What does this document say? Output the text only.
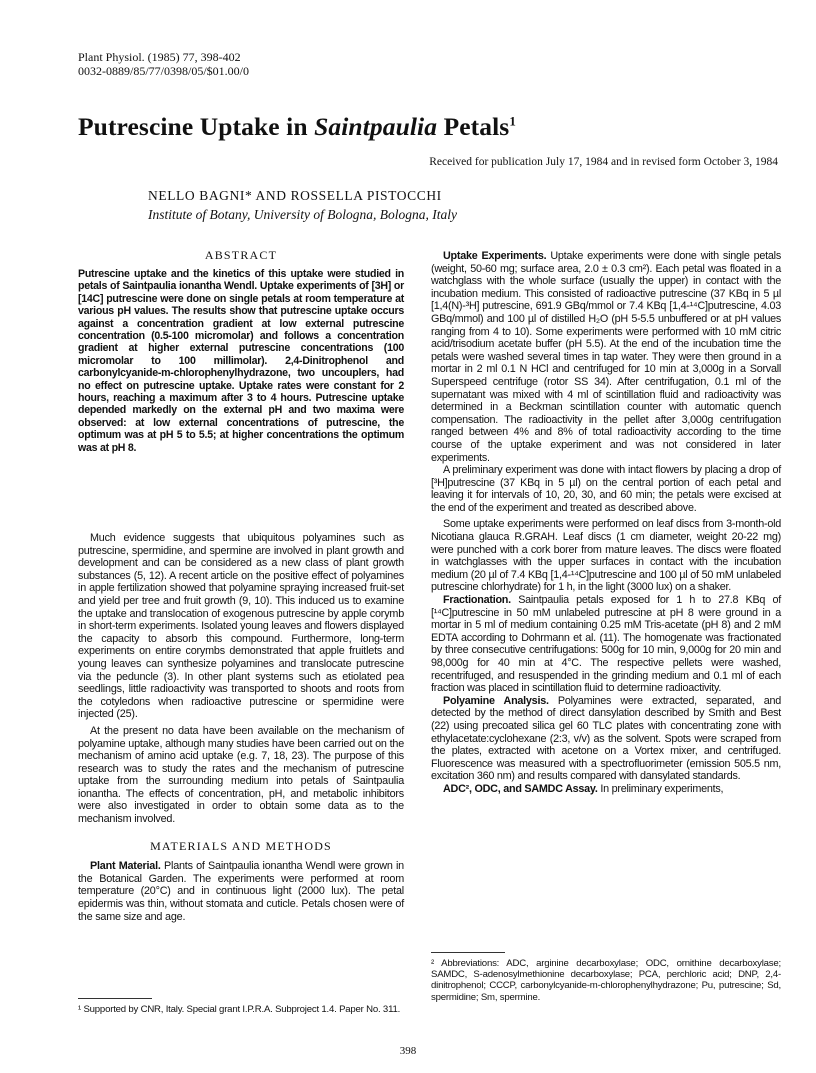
Plant Physiol. (1985) 77, 398-402
0032-0889/85/77/0398/05/$01.00/0
Putrescine Uptake in Saintpaulia Petals$^1$
Received for publication July 17, 1984 and in revised form October 3, 1984
NELLO BAGNI* AND ROSSELLA PISTOCCHI
Institute of Botany, University of Bologna, Bologna, Italy
ABSTRACT
Putrescine uptake and the kinetics of this uptake were studied in petals of Saintpaulia ionantha Wendl. Uptake experiments of [3H] or [14C] putrescine were done on single petals at room temperature at various pH values. The results show that putrescine uptake occurs against a concentration gradient at low external putrescine concentration (0.5-100 micromolar) and follows a concentration gradient at higher external putrescine concentrations (100 micromolar to 100 millimolar). 2,4-Dinitrophenol and carbonylcyanide-m-chlorophenylhydrazone, two uncouplers, had no effect on putrescine uptake. Uptake rates were constant for 2 hours, reaching a maximum after 3 to 4 hours. Putrescine uptake depended markedly on the external pH and two maxima were observed: at low external concentrations of putrescine, the optimum was at pH 5 to 5.5; at higher concentrations the optimum was at pH 8.

Much evidence suggests that ubiquitous polyamines such as putrescine, spermidine, and spermine are involved in plant growth and development and can be considered as a new class of plant growth substances (5, 12). A recent article on the positive effect of polyamines in apple fertilization showed that polyamine spraying increased fruit-set and yield per tree and fruit growth (9, 10). This induced us to examine the uptake and translocation of exogenous putrescine by apple corymb in short-term experiments. Isolated young leaves and flowers displayed the capacity to absorb this compound. Furthermore, long-term experiments on entire corymbs demonstrated that apple fruitlets and young leaves can synthesize polyamines and translocate putrescine via the peduncle (3). In other plant systems such as etiolated pea seedlings, little radioactivity was transported to shoots and roots from the cotyledons when radioactive putrescine or spermidine were injected (25).

At the present no data have been available on the mechanism of polyamine uptake, although many studies have been carried out on the mechanism of amino acid uptake (e.g. 7, 18, 23). The purpose of this research was to study the rates and the mechanism of putrescine uptake from the surrounding medium into petals of Saintpaulia ionantha. The effects of concentration, pH, and metabolic inhibitors were also investigated in order to obtain some data as to the mechanism involved.

MATERIALS AND METHODS

Plant Material. Plants of Saintpaulia ionantha Wendl were grown in the Botanical Garden. The experiments were performed at room temperature (20°C) and in continuous light (2000 lux). The petal epidermis was thin, without stomata and cuticle. Petals chosen were of the same size and age.

Uptake Experiments. Uptake experiments were done with single petals (weight, 50-60 mg; surface area, 2.0 ± 0.3 cm²). Each petal was floated in a watchglass with the whole surface (usually the upper) in contact with the incubation medium. This consisted of radioactive putrescine (37 KBq in 5 µl [1,4(N)-³H] putrescine, 691.9 GBq/mmol or 7.4 KBq [1,4-¹⁴C]putrescine, 4.03 GBq/mmol) and 100 µl of distilled H₂O (pH 5-5.5 unbuffered or at pH values ranging from 4 to 10). Some experiments were performed with 10 mM citric acid/trisodium acetate buffer (pH 5.5). At the end of the incubation time the petals were washed several times in tap water. They were then ground in a mortar in 2 ml 0.1 N HCl and centrifuged for 10 min at 3,000g in a Sorvall Superspeed centrifuge (rotor SS 34). After centrifugation, 0.1 ml of the supernatant was mixed with 4 ml of scintillation fluid and radioactivity was determined in a Beckman scintillation counter with automatic quench compensation. The radioactivity in the pellet after 3,000g centrifugation ranged between 4% and 8% of total radioactivity according to the time course of the uptake experiment and was not considered in later experiments.

A preliminary experiment was done with intact flowers by placing a drop of [³H]putrescine (37 KBq in 5 µl) on the central portion of each petal and leaving it for intervals of 10, 20, 30, and 60 min; the petals were excised at the end of the experiment and treated as described above.

Some uptake experiments were performed on leaf discs from 3-month-old Nicotiana glauca R.GRAH. Leaf discs (1 cm diameter, weight 20-22 mg) were punched with a cork borer from mature leaves. The discs were floated in watchglasses with the upper surfaces in contact with the incubation medium (20 µl of 7.4 KBq [1,4-¹⁴C]putrescine and 100 µl of 50 mM unlabeled putrescine chlorhydrate) for 1 h, in the light (3000 lux) on a shaker.

Fractionation. Saintpaulia petals exposed for 1 h to 27.8 KBq of [¹⁴C]putrescine in 50 mM unlabeled putrescine at pH 8 were ground in a mortar in 5 ml of medium containing 0.25 mM Tris-acetate (pH 8) and 2 mM EDTA according to Dohrmann et al. (11). The homogenate was fractionated by three consecutive centrifugations: 500g for 10 min, 9,000g for 20 min and 98,000g for 40 min at 4°C. The respective pellets were washed, recentrifuged, and resuspended in the grinding medium and 0.1 ml of each fraction was placed in scintillation fluid to determine radioactivity.

Polyamine Analysis. Polyamines were extracted, separated, and detected by the method of direct dansylation described by Smith and Best (22) using precoated silica gel 60 TLC plates with concentrating zone with ethylacetate:cyclohexane (2:3, v/v) as the solvent. Spots were scraped from the plates, extracted with acetone on a Vortex mixer, and centrifuged. Fluorescence was measured with a spectrofluorimeter (emission 505.5 nm, excitation 360 nm) and results compared with dansylated standards.

ADC², ODC, and SAMDC Assay. In preliminary experiments,

² Abbreviations: ADC, arginine decarboxylase; ODC, ornithine decarboxylase; SAMDC, S-adenosylmethionine decarboxylase; PCA, perchloric acid; DNP, 2,4-dinitrophenol; CCCP, carbonylcyanide-m-chlorophenylhydrazone; Pu, putrescine; Sd, spermidine; Sm, spermine.
¹ Supported by CNR, Italy. Special grant I.P.R.A. Subproject 1.4. Paper No. 311.
398
